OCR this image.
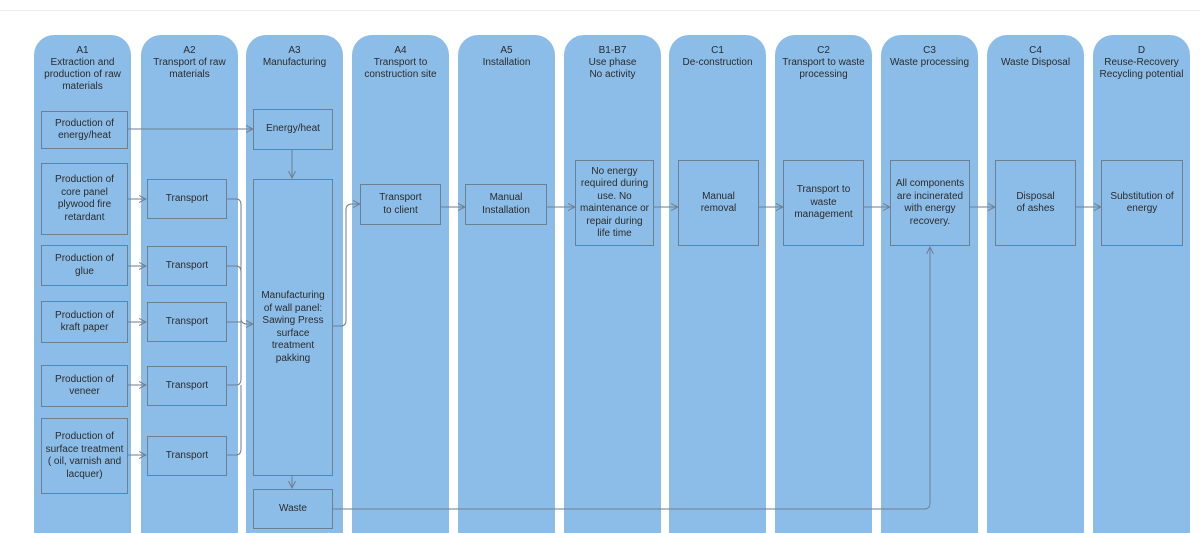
A1
Extraction and production of raw materials
A2
Transport of raw materials
A3
Manufacturing
A4
Transport to construction site
A5
Installation
B1-B7
Use phase No activity
C1
De-construction
C2
Transport to waste processing
C3
Waste processing
C4
Waste Disposal
D
Reuse-Recovery Recycling potential
Production of energy/heat
Production of core panel plywood fire retardant
Production of glue
Production of kraft paper
Production of veneer
Production of surface treatment ( oil, varnish and lacquer)
Transport
Transport
Transport
Transport
Transport
Energy/heat
Manufacturing of wall panel: Sawing Press surface treatment pakking
Waste
Transport to client
Manual Installation
No energy required during use. No maintenance or repair during life time
Manual removal
Transport to waste management
All components are incinerated with energy recovery.
Disposal of ashes
Substitution of energy
